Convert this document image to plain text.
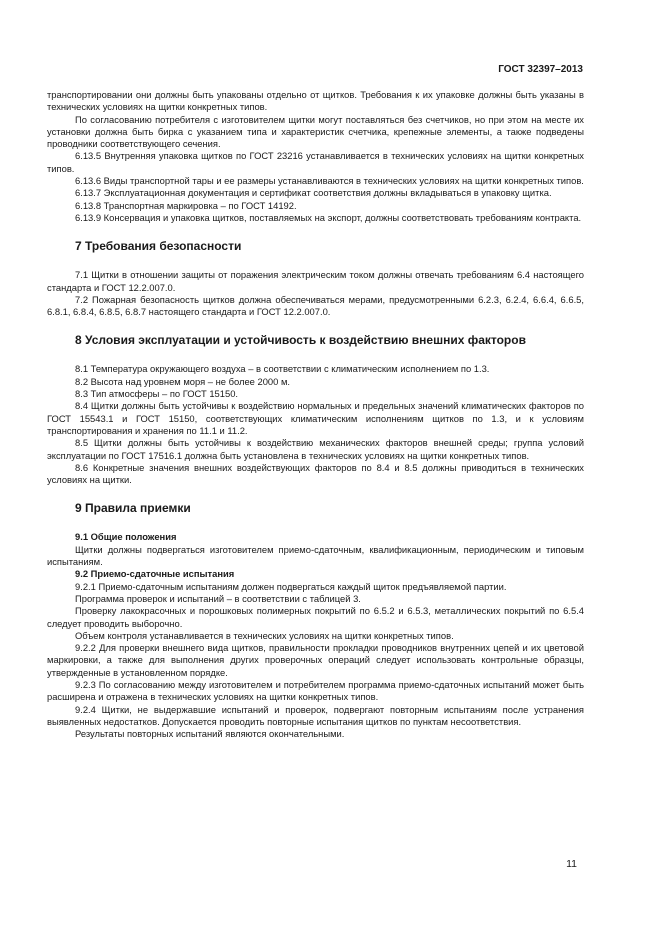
ГОСТ 32397–2013

транспортировании они должны быть упакованы отдельно от щитков. Требования к их упаковке должны быть указаны в технических условиях на щитки конкретных типов.

По согласованию потребителя с изготовителем щитки могут поставляться без счетчиков, но при этом на месте их установки должна быть бирка с указанием типа и характеристик счетчика, крепежные элементы, а также подведены проводники соответствующего сечения.

6.13.5 Внутренняя упаковка щитков по ГОСТ 23216 устанавливается в технических условиях на щитки конкретных типов.

6.13.6 Виды транспортной тары и ее размеры устанавливаются в технических условиях на щитки конкретных типов.

6.13.7 Эксплуатационная документация и сертификат соответствия должны вкладываться в упаковку щитка.

6.13.8 Транспортная маркировка – по ГОСТ 14192.

6.13.9 Консервация и упаковка щитков, поставляемых на экспорт, должны соответствовать требованиям контракта.

7 Требования безопасности

7.1 Щитки в отношении защиты от поражения электрическим током должны отвечать требованиям 6.4 настоящего стандарта и ГОСТ 12.2.007.0.

7.2 Пожарная безопасность щитков должна обеспечиваться мерами, предусмотренными 6.2.3, 6.2.4, 6.6.4, 6.6.5, 6.8.1, 6.8.4, 6.8.5, 6.8.7 настоящего стандарта и ГОСТ 12.2.007.0.

8 Условия эксплуатации и устойчивость к воздействию внешних факторов

8.1 Температура окружающего воздуха – в соответствии с климатическим исполнением по 1.3.

8.2 Высота над уровнем моря – не более 2000 м.

8.3 Тип атмосферы – по ГОСТ 15150.

8.4 Щитки должны быть устойчивы к воздействию нормальных и предельных значений климатических факторов по ГОСТ 15543.1 и ГОСТ 15150, соответствующих климатическим исполнениям щитков по 1.3, и к условиям транспортирования и хранения по 11.1 и 11.2.

8.5 Щитки должны быть устойчивы к воздействию механических факторов внешней среды; группа условий эксплуатации по ГОСТ 17516.1 должна быть установлена в технических условиях на щитки конкретных типов.

8.6 Конкретные значения внешних воздействующих факторов по 8.4 и 8.5 должны приводиться в технических условиях на щитки.

9 Правила приемки

9.1 Общие положения

Щитки должны подвергаться изготовителем приемо-сдаточным, квалификационным, периодическим и типовым испытаниям.

9.2 Приемо-сдаточные испытания

9.2.1 Приемо-сдаточным испытаниям должен подвергаться каждый щиток предъявляемой партии.

Программа проверок и испытаний – в соответствии с таблицей 3.

Проверку лакокрасочных и порошковых полимерных покрытий по 6.5.2 и 6.5.3, металлических покрытий по 6.5.4 следует проводить выборочно.

Объем контроля устанавливается в технических условиях на щитки конкретных типов.

9.2.2 Для проверки внешнего вида щитков, правильности прокладки проводников внутренних цепей и их цветовой маркировки, а также для выполнения других проверочных операций следует использовать контрольные образцы, утвержденные в установленном порядке.

9.2.3 По согласованию между изготовителем и потребителем программа приемо-сдаточных испытаний может быть расширена и отражена в технических условиях на щитки конкретных типов.

9.2.4 Щитки, не выдержавшие испытаний и проверок, подвергают повторным испытаниям после устранения выявленных недостатков. Допускается проводить повторные испытания щитков по пунктам несоответствия.

Результаты повторных испытаний являются окончательными.

11
